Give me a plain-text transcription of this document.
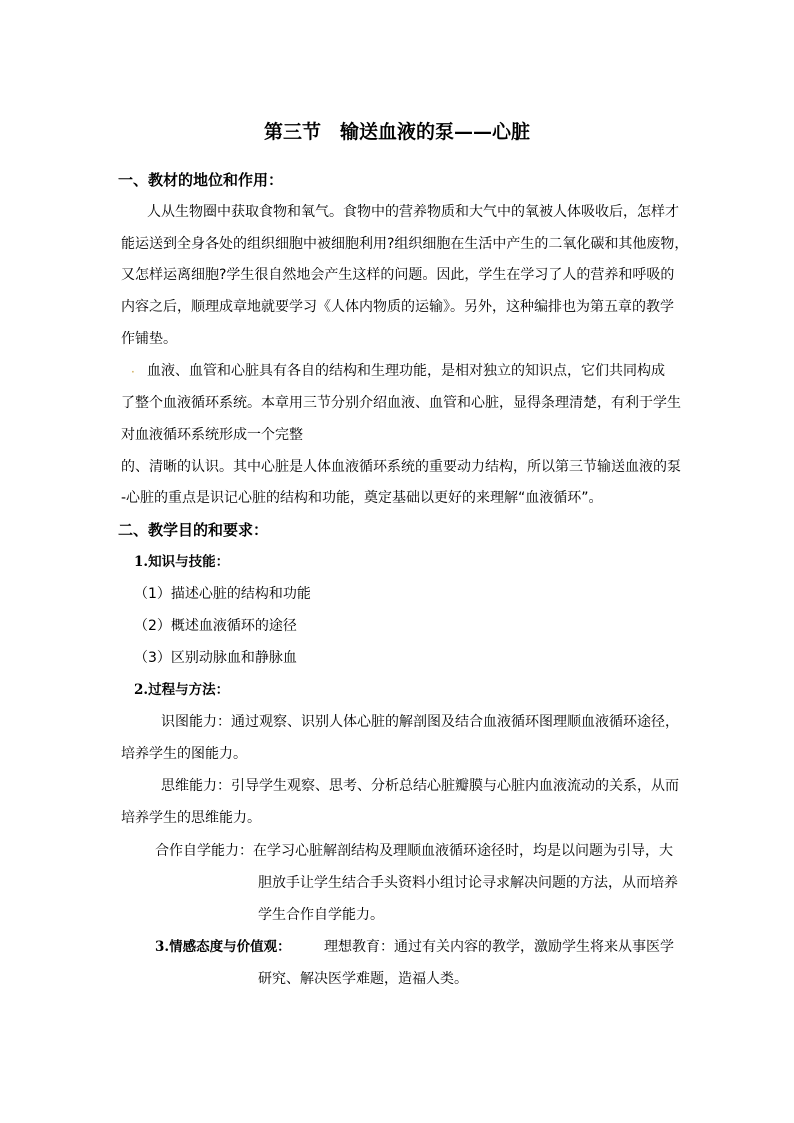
第三节　输送血液的泵——心脏
一、教材的地位和作用：
人从生物圈中获取食物和氧气。食物中的营养物质和大气中的氧被人体吸收后，怎样才
能运送到全身各处的组织细胞中被细胞利用?组织细胞在生活中产生的二氧化碳和其他废物，
又怎样运离细胞?学生很自然地会产生这样的问题。因此，学生在学习了人的营养和呼吸的
内容之后，顺理成章地就要学习《人体内物质的运输》。另外，这种编排也为第五章的教学
作铺垫。
· 血液、血管和心脏具有各自的结构和生理功能，是相对独立的知识点，它们共同构成
了整个血液循环系统。本章用三节分别介绍血液、血管和心脏，显得条理清楚，有利于学生
对血液循环系统形成一个完整
的、清晰的认识。其中心脏是人体血液循环系统的重要动力结构，所以第三节输送血液的泵
-心脏的重点是识记心脏的结构和功能，奠定基础以更好的来理解“血液循环”。
二、教学目的和要求：
1.知识与技能：
（1）描述心脏的结构和功能
（2）概述血液循环的途径
（3）区别动脉血和静脉血
2.过程与方法：
识图能力：通过观察、识别人体心脏的解剖图及结合血液循环图理顺血液循环途径，
培养学生的图能力。
思维能力：引导学生观察、思考、分析总结心脏瓣膜与心脏内血液流动的关系，从而
培养学生的思维能力。
合作自学能力： 在学习心脏解剖结构及理顺血液循环途径时，均是以问题为引导，大
胆放手让学生结合手头资料小组讨论寻求解决问题的方法，从而培养
学生合作自学能力。
3.情感态度与价值观： 理想教育：通过有关内容的教学，激励学生将来从事医学
研究、解决医学难题，造福人类。
